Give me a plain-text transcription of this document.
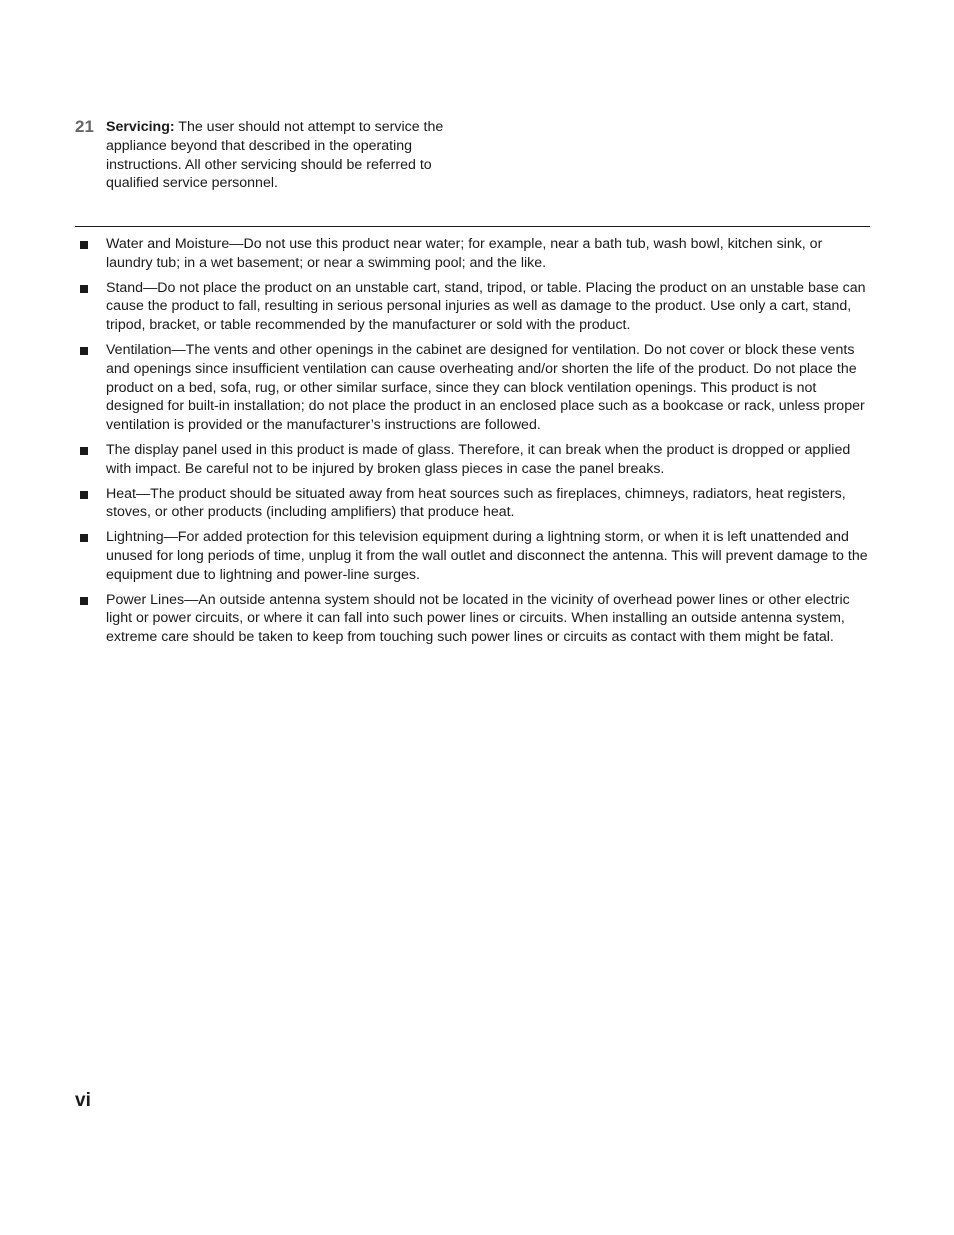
21 Servicing: The user should not attempt to service the appliance beyond that described in the operating instructions. All other servicing should be referred to qualified service personnel.
Water and Moisture—Do not use this product near water; for example, near a bath tub, wash bowl, kitchen sink, or laundry tub; in a wet basement; or near a swimming pool; and the like.
Stand—Do not place the product on an unstable cart, stand, tripod, or table. Placing the product on an unstable base can cause the product to fall, resulting in serious personal injuries as well as damage to the product. Use only a cart, stand, tripod, bracket, or table recommended by the manufacturer or sold with the product.
Ventilation—The vents and other openings in the cabinet are designed for ventilation. Do not cover or block these vents and openings since insufficient ventilation can cause overheating and/or shorten the life of the product. Do not place the product on a bed, sofa, rug, or other similar surface, since they can block ventilation openings. This product is not designed for built-in installation; do not place the product in an enclosed place such as a bookcase or rack, unless proper ventilation is provided or the manufacturer’s instructions are followed.
The display panel used in this product is made of glass. Therefore, it can break when the product is dropped or applied with impact. Be careful not to be injured by broken glass pieces in case the panel breaks.
Heat—The product should be situated away from heat sources such as fireplaces, chimneys, radiators, heat registers, stoves, or other products (including amplifiers) that produce heat.
Lightning—For added protection for this television equipment during a lightning storm, or when it is left unattended and unused for long periods of time, unplug it from the wall outlet and disconnect the antenna. This will prevent damage to the equipment due to lightning and power-line surges.
Power Lines—An outside antenna system should not be located in the vicinity of overhead power lines or other electric light or power circuits, or where it can fall into such power lines or circuits. When installing an outside antenna system, extreme care should be taken to keep from touching such power lines or circuits as contact with them might be fatal.
vi
